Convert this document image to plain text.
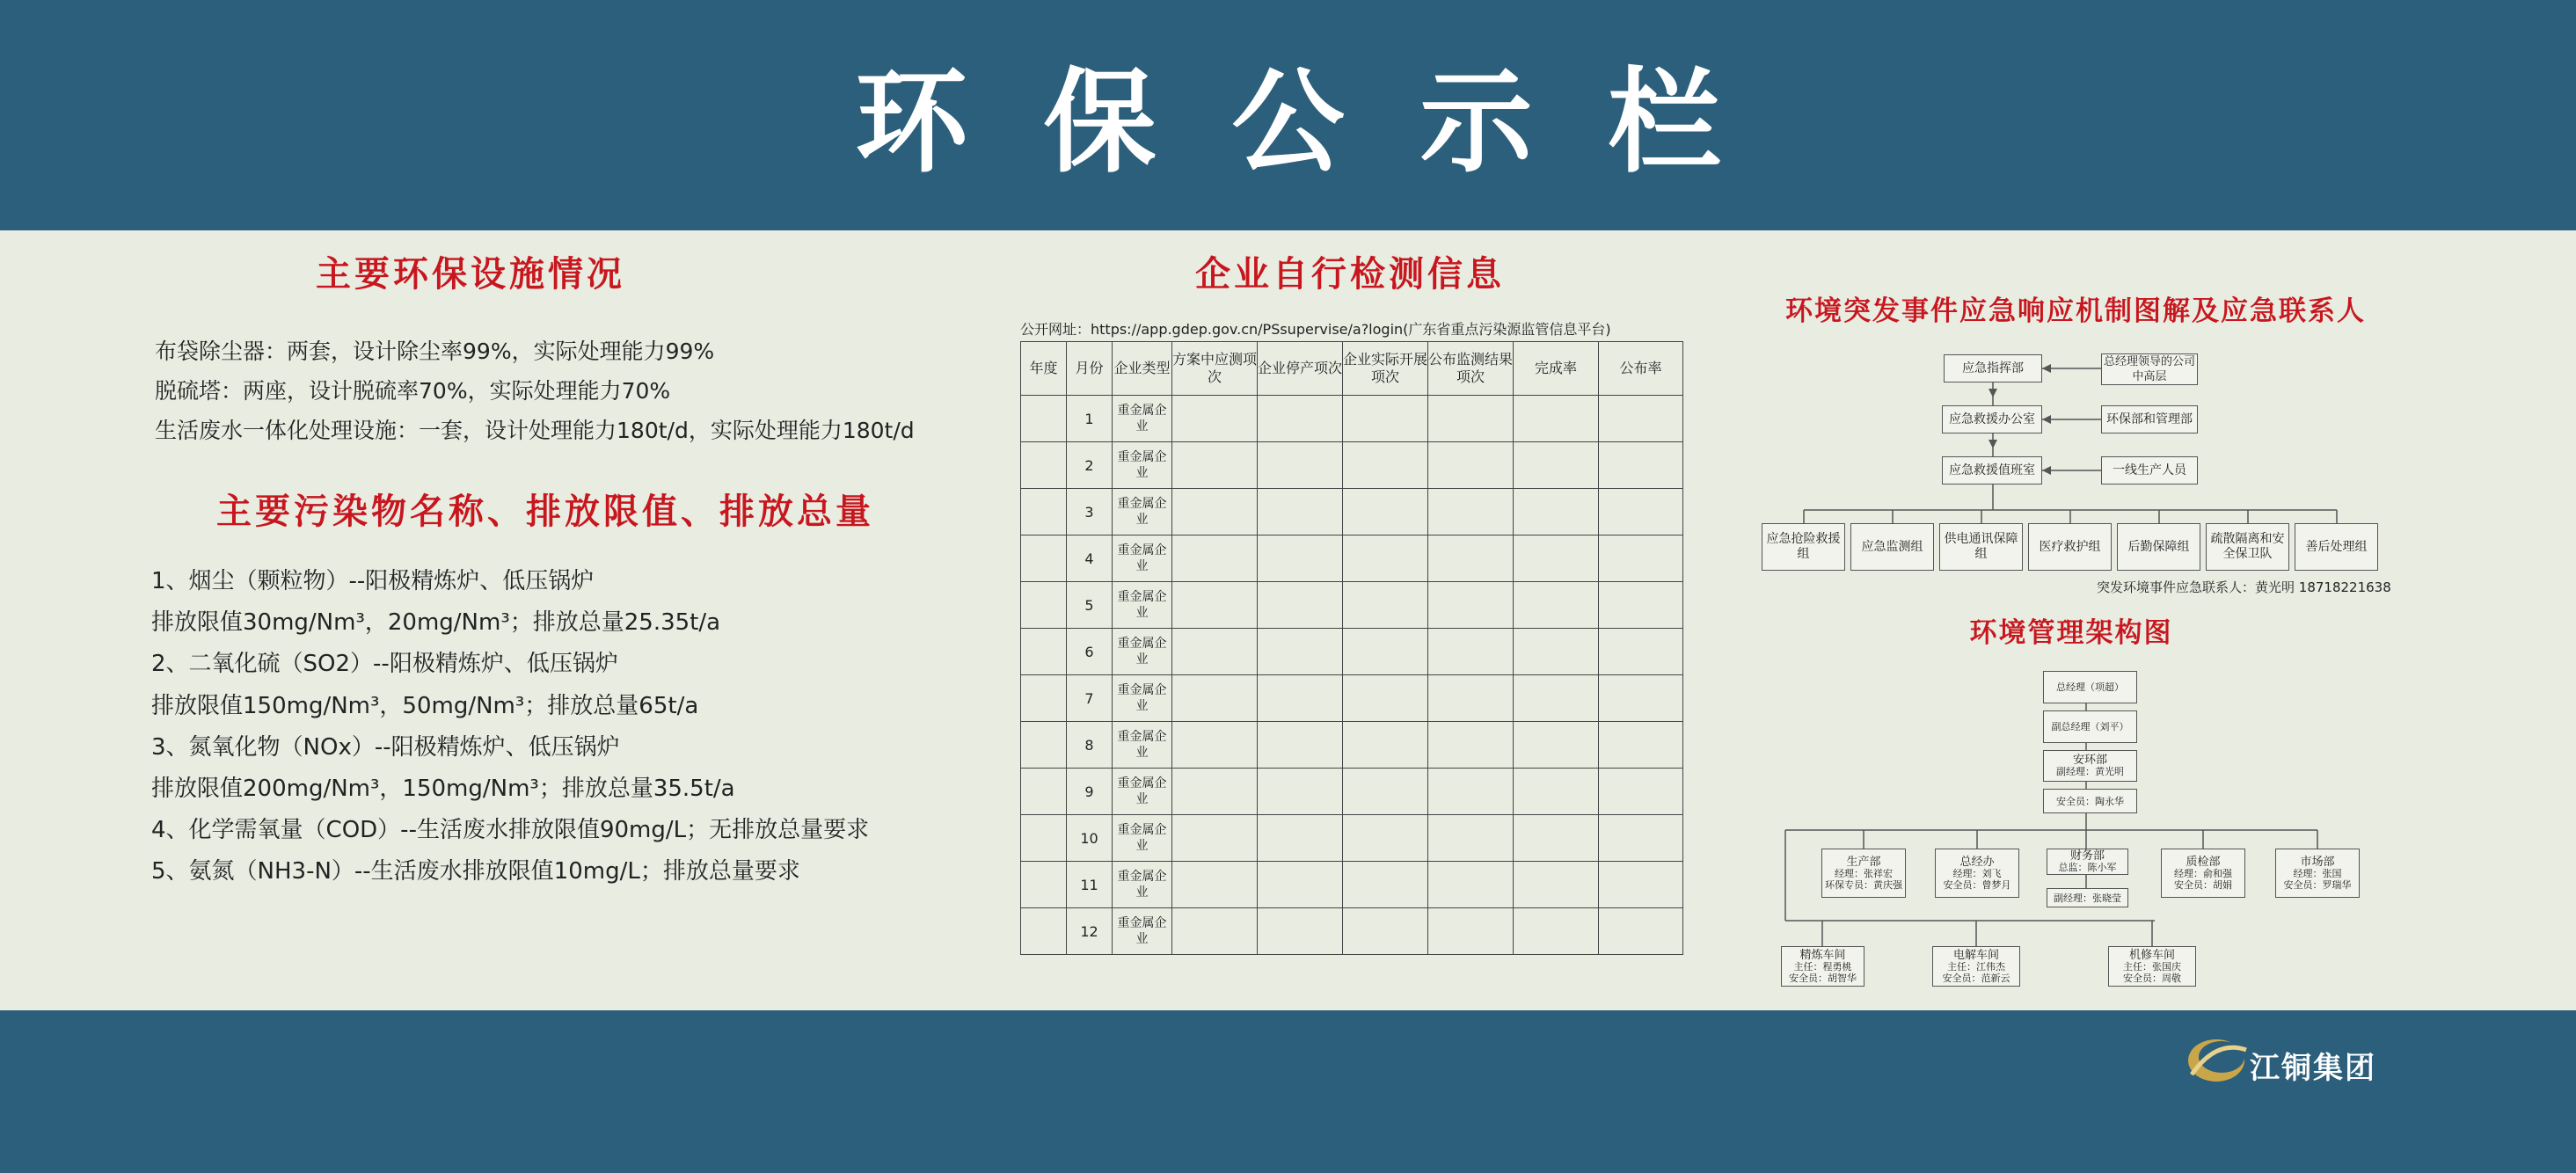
环保公示栏
主要环保设施情况
布袋除尘器：两套，设计除尘率99%，实际处理能力99%
脱硫塔：两座，设计脱硫率70%，实际处理能力70%
生活废水一体化处理设施：一套，设计处理能力180t/d，实际处理能力180t/d
主要污染物名称、排放限值、排放总量
1、烟尘（颗粒物）--阳极精炼炉、低压锅炉
排放限值30mg/Nm³，20mg/Nm³；排放总量25.35t/a
2、二氧化硫（SO2）--阳极精炼炉、低压锅炉
排放限值150mg/Nm³，50mg/Nm³；排放总量65t/a
3、氮氧化物（NOx）--阳极精炼炉、低压锅炉
排放限值200mg/Nm³，150mg/Nm³；排放总量35.5t/a
4、化学需氧量（COD）--生活废水排放限值90mg/L；无排放总量要求
5、氨氮（NH3-N）--生活废水排放限值10mg/L；排放总量要求
企业自行检测信息
公开网址：https://app.gdep.gov.cn/PSsupervise/a?login(广东省重点污染源监管信息平台)
年度	月份	企业类型	方案中应测项次	企业停产项次	企业实际开展项次	公布监测结果项次	完成率	公布率
	1	重金属企业						
	2	重金属企业						
	3	重金属企业						
	4	重金属企业						
	5	重金属企业						
	6	重金属企业						
	7	重金属企业						
	8	重金属企业						
	9	重金属企业						
	10	重金属企业						
	11	重金属企业						
	12	重金属企业						
环境突发事件应急响应机制图解及应急联系人
应急指挥部	总经理领导的公司中高层
应急救援办公室	环保部和管理部
应急救援值班室	一线生产人员
应急抢险救援组
应急监测组
供电通讯保障组
医疗救护组	后勤保障组
疏散隔离和安全保卫队
善后处理组
突发环境事件应急联系人：黄光明 18718221638
环境管理架构图
总经理（项超）
副总经理（刘平）
安环部
副经理：黄光明
安全员：陶永华
生产部
经理：张祥宏
环保专员：黄庆强
总经办
经理：刘飞
安全员：曾梦月
财务部
总监：陈小军	质检部
经理：俞和强
安全员：胡娟
市场部
经理：张国
安全员：罗瑞华
副经理：张晓莹
精炼车间
主任：程勇桃
安全员：胡智华
电解车间
主任：江伟杰
安全员：范新云
机修车间
主任：张国庆
安全员：周敬
江铜集团
